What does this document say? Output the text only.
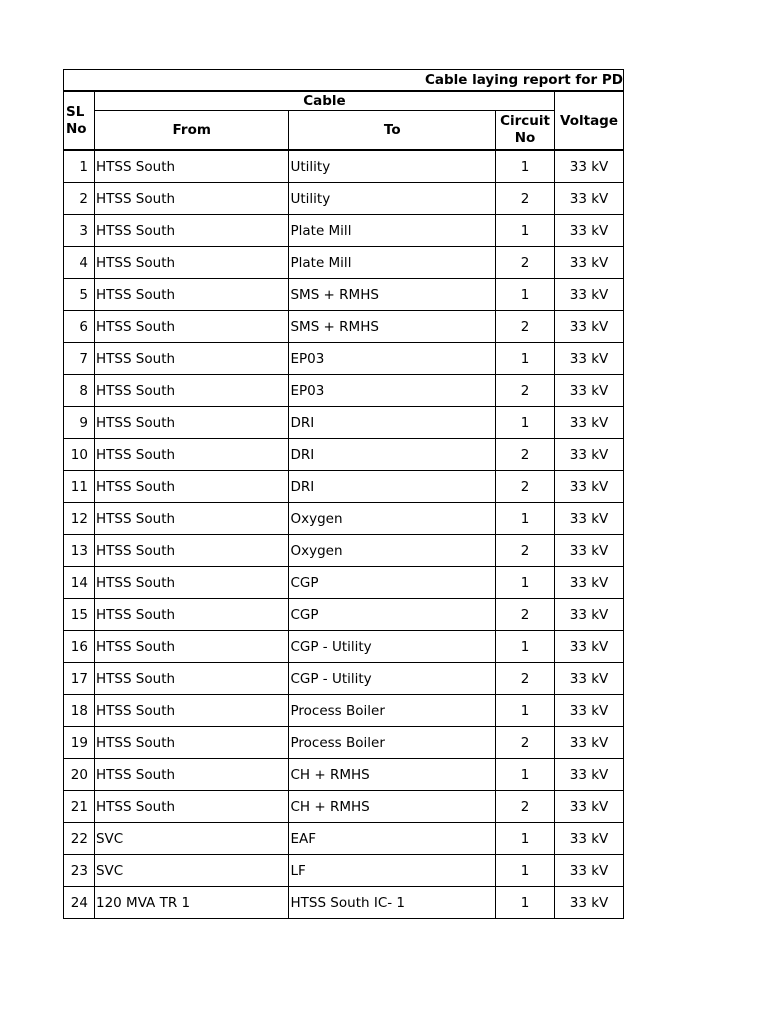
Cable laying report for PD				

SL No	Cable			Voltage
	From	To	Circuit No	

1	HTSS South	Utility	1	33 kV
2	HTSS South	Utility	2	33 kV
3	HTSS South	Plate Mill	1	33 kV
4	HTSS South	Plate Mill	2	33 kV
5	HTSS South	SMS + RMHS	1	33 kV
6	HTSS South	SMS + RMHS	2	33 kV
7	HTSS South	EP03	1	33 kV
8	HTSS South	EP03	2	33 kV
9	HTSS South	DRI	1	33 kV
10	HTSS South	DRI	2	33 kV
11	HTSS South	DRI	2	33 kV
12	HTSS South	Oxygen	1	33 kV
13	HTSS South	Oxygen	2	33 kV
14	HTSS South	CGP	1	33 kV
15	HTSS South	CGP	2	33 kV
16	HTSS South	CGP - Utility	1	33 kV
17	HTSS South	CGP - Utility	2	33 kV
18	HTSS South	Process Boiler	1	33 kV
19	HTSS South	Process Boiler	2	33 kV
20	HTSS South	CH + RMHS	1	33 kV
21	HTSS South	CH + RMHS	2	33 kV
22	SVC	EAF	1	33 kV
23	SVC	LF	1	33 kV
24	120 MVA TR 1	HTSS South IC- 1	1	33 kV
